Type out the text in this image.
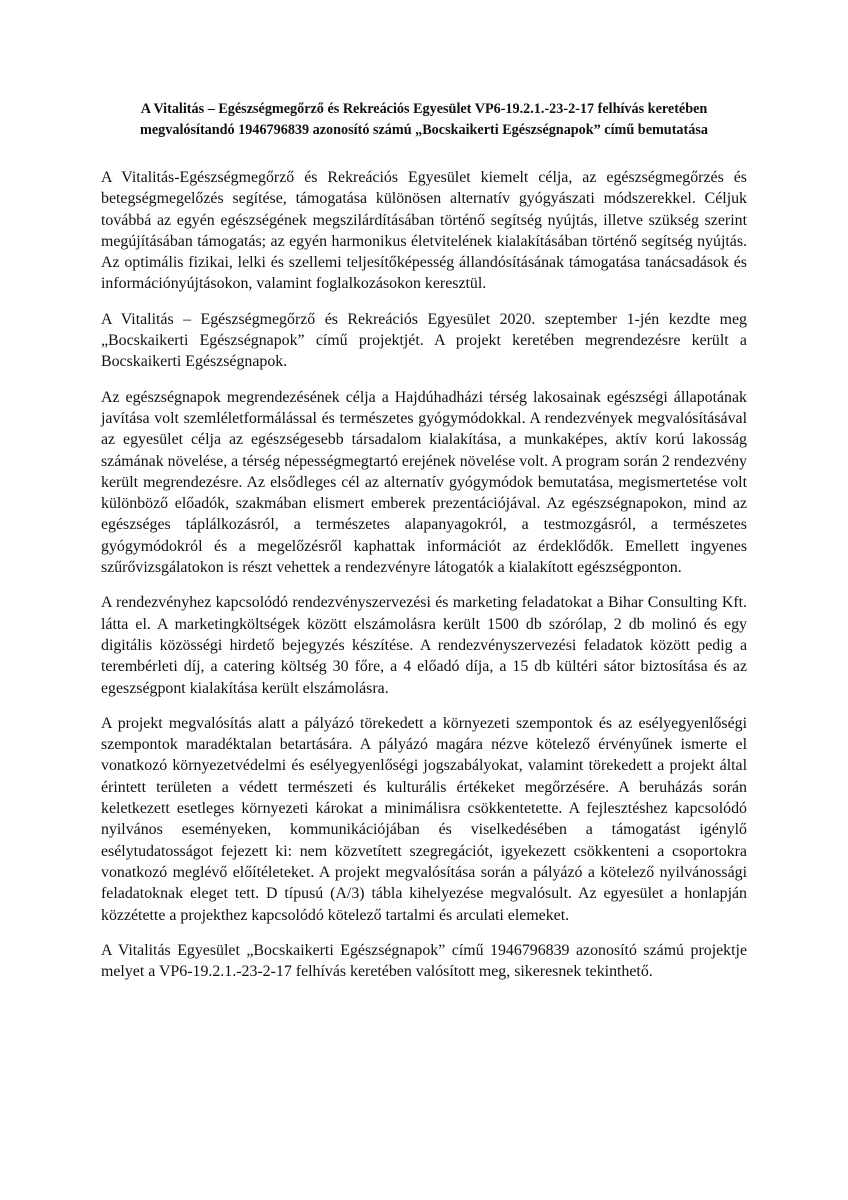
A Vitalitás – Egészségmegőrző és Rekreációs Egyesület VP6-19.2.1.-23-2-17 felhívás keretében megvalósítandó 1946796839 azonosító számú „Bocskaikerti Egészségnapok” című bemutatása

A Vitalitás-Egészségmegőrző és Rekreációs Egyesület kiemelt célja, az egészségmegőrzés és betegségmegelőzés segítése, támogatása különösen alternatív gyógyászati módszerekkel. Céljuk továbbá az egyén egészségének megszilárdításában történő segítség nyújtás, illetve szükség szerint megújításában támogatás; az egyén harmonikus életvitelének kialakításában történő segítség nyújtás. Az optimális fizikai, lelki és szellemi teljesítőképesség állandósításának támogatása tanácsadások és információnyújtásokon, valamint foglalkozásokon keresztül.

A Vitalitás – Egészségmegőrző és Rekreációs Egyesület 2020. szeptember 1-jén kezdte meg „Bocskaikerti Egészségnapok” című projektjét. A projekt keretében megrendezésre került a Bocskaikerti Egészségnapok.

Az egészségnapok megrendezésének célja a Hajdúhadházi térség lakosainak egészségi állapotának javítása volt szemléletformálással és természetes gyógymódokkal. A rendezvények megvalósításával az egyesület célja az egészségesebb társadalom kialakítása, a munkaképes, aktív korú lakosság számának növelése, a térség népességmegtartó erejének növelése volt. A program során 2 rendezvény került megrendezésre. Az elsődleges cél az alternatív gyógymódok bemutatása, megismertetése volt különböző előadók, szakmában elismert emberek prezentációjával. Az egészségnapokon, mind az egészséges táplálkozásról, a természetes alapanyagokról, a testmozgásról, a természetes gyógymódokról és a megelőzésről kaphattak információt az érdeklődők. Emellett ingyenes szűrővizsgálatokon is részt vehettek a rendezvényre látogatók a kialakított egészségponton.

A rendezvényhez kapcsolódó rendezvényszervezési és marketing feladatokat a Bihar Consulting Kft. látta el. A marketingköltségek között elszámolásra került 1500 db szórólap, 2 db molinó és egy digitális közösségi hirdető bejegyzés készítése. A rendezvényszervezési feladatok között pedig a terembérleti díj, a catering költség 30 főre, a 4 előadó díja, a 15 db kültéri sátor biztosítása és az egeszségpont kialakítása került elszámolásra.

A projekt megvalósítás alatt a pályázó törekedett a környezeti szempontok és az esélyegyenlőségi szempontok maradéktalan betartására. A pályázó magára nézve kötelező érvényűnek ismerte el vonatkozó környezetvédelmi és esélyegyenlőségi jogszabályokat, valamint törekedett a projekt által érintett területen a védett természeti és kulturális értékeket megőrzésére. A beruházás során keletkezett esetleges környezeti károkat a minimálisra csökkentetette. A fejlesztéshez kapcsolódó nyilvános eseményeken, kommunikációjában és viselkedésében a támogatást igénylő esélytudatosságot fejezett ki: nem közvetített szegregációt, igyekezett csökkenteni a csoportokra vonatkozó meglévő előítéleteket. A projekt megvalósítása során a pályázó a kötelező nyilvánossági feladatoknak eleget tett. D típusú (A/3) tábla kihelyezése megvalósult. Az egyesület a honlapján közzétette a projekthez kapcsolódó kötelező tartalmi és arculati elemeket.

A Vitalitás Egyesület „Bocskaikerti Egészségnapok” című 1946796839 azonosító számú projektje melyet a VP6-19.2.1.-23-2-17 felhívás keretében valósított meg, sikeresnek tekinthető.
